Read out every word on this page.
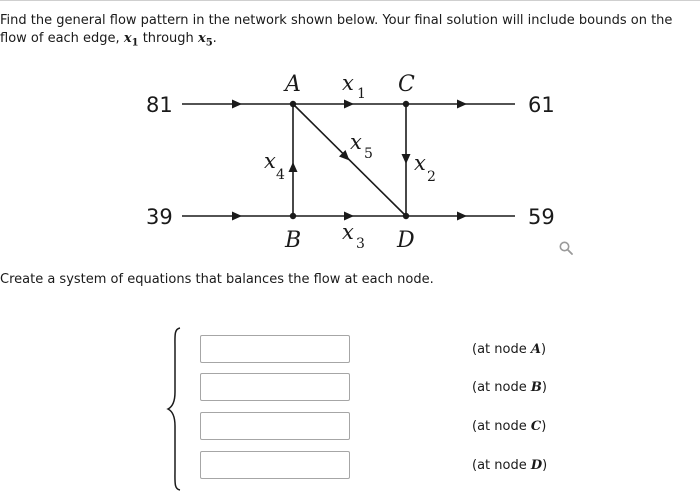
Find the general flow pattern in the network shown below. Your final solution will include bounds on the flow of each edge, $x_1$ through $x_5$.
81
39
61
59
A	C
B	D
x 1
x
2
x 3
x
4
x 5
Create a system of equations that balances the flow at each node.
(at node A)
(at node B)
(at node C)
(at node D)
